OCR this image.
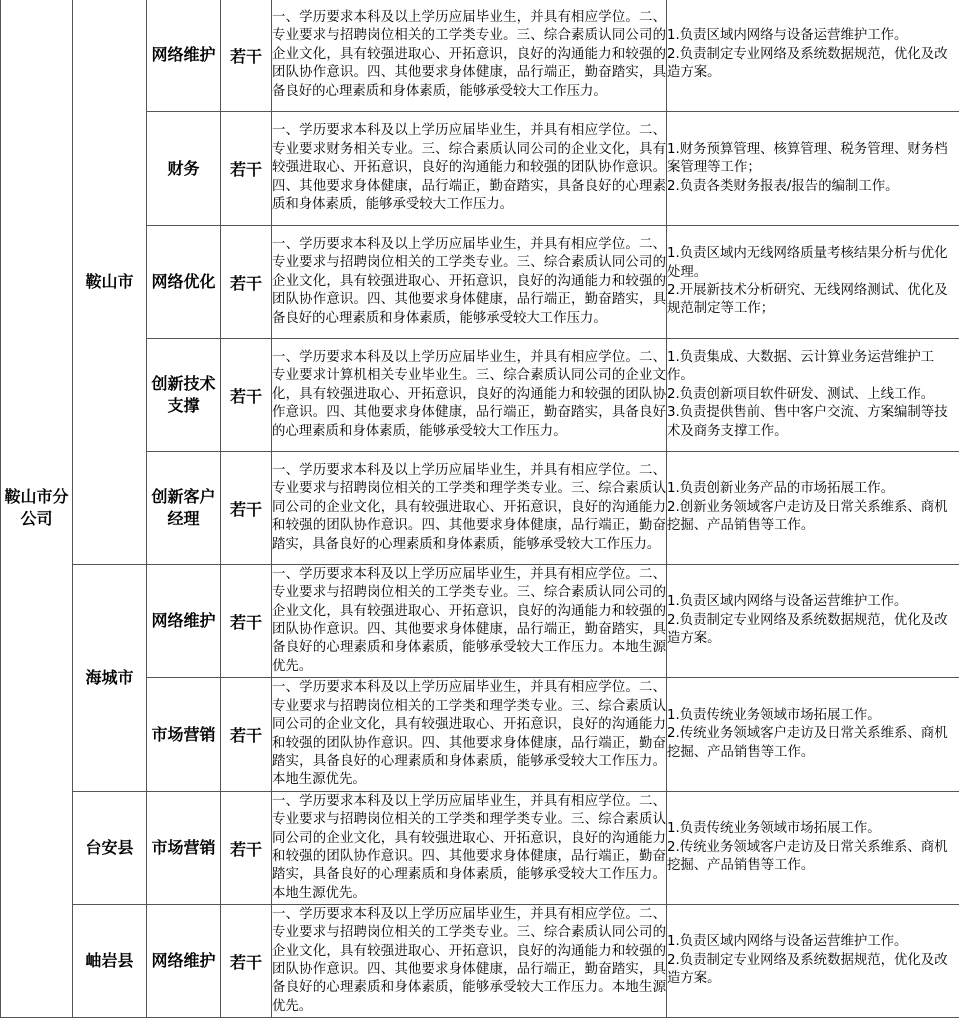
鞍山市分公司	鞍山市	网络维护	若干	一、学历要求本科及以上学历应届毕业生，并具有相应学位。二、专业要求与招聘岗位相关的工学类专业。三、综合素质认同公司的企业文化，具有较强进取心、开拓意识，良好的沟通能力和较强的团队协作意识。四、其他要求身体健康，品行端正，勤奋踏实，具备良好的心理素质和身体素质，能够承受较大工作压力。	1.负责区域内网络与设备运营维护工作。
2.负责制定专业网络及系统数据规范，优化及改造方案。

		财务	若干	一、学历要求本科及以上学历应届毕业生，并具有相应学位。二、专业要求财务相关专业。三、综合素质认同公司的企业文化，具有较强进取心、开拓意识，良好的沟通能力和较强的团队协作意识。四、其他要求身体健康，品行端正，勤奋踏实，具备良好的心理素质和身体素质，能够承受较大工作压力。	1.财务预算管理、核算管理、税务管理、财务档案管理等工作；
2.负责各类财务报表/报告的编制工作。

		网络优化	若干	一、学历要求本科及以上学历应届毕业生，并具有相应学位。二、专业要求与招聘岗位相关的工学类专业。三、综合素质认同公司的企业文化，具有较强进取心、开拓意识，良好的沟通能力和较强的团队协作意识。四、其他要求身体健康，品行端正，勤奋踏实，具备良好的心理素质和身体素质，能够承受较大工作压力。	1.负责区域内无线网络质量考核结果分析与优化处理。
2.开展新技术分析研究、无线网络测试、优化及规范制定等工作；

		创新技术支撑	若干	一、学历要求本科及以上学历应届毕业生，并具有相应学位。二、专业要求计算机相关专业毕业生。三、综合素质认同公司的企业文化，具有较强进取心、开拓意识，良好的沟通能力和较强的团队协作意识。四、其他要求身体健康，品行端正，勤奋踏实，具备良好的心理素质和身体素质，能够承受较大工作压力。	1.负责集成、大数据、云计算业务运营维护工作。
2.负责创新项目软件研发、测试、上线工作。
3.负责提供售前、售中客户交流、方案编制等技术及商务支撑工作。

		创新客户经理	若干	一、学历要求本科及以上学历应届毕业生，并具有相应学位。二、专业要求与招聘岗位相关的工学类和理学类专业。三、综合素质认同公司的企业文化，具有较强进取心、开拓意识，良好的沟通能力和较强的团队协作意识。四、其他要求身体健康，品行端正，勤奋踏实，具备良好的心理素质和身体素质，能够承受较大工作压力。	1.负责创新业务产品的市场拓展工作。
2.创新业务领域客户走访及日常关系维系、商机挖掘、产品销售等工作。

	海城市	网络维护	若干	一、学历要求本科及以上学历应届毕业生，并具有相应学位。二、专业要求与招聘岗位相关的工学类专业。三、综合素质认同公司的企业文化，具有较强进取心、开拓意识，良好的沟通能力和较强的团队协作意识。四、其他要求身体健康，品行端正，勤奋踏实，具备良好的心理素质和身体素质，能够承受较大工作压力。本地生源优先。	1.负责区域内网络与设备运营维护工作。
2.负责制定专业网络及系统数据规范，优化及改造方案。

		市场营销	若干	一、学历要求本科及以上学历应届毕业生，并具有相应学位。二、专业要求与招聘岗位相关的工学类和理学类专业。三、综合素质认同公司的企业文化，具有较强进取心、开拓意识，良好的沟通能力和较强的团队协作意识。四、其他要求身体健康，品行端正，勤奋踏实，具备良好的心理素质和身体素质，能够承受较大工作压力。本地生源优先。	1.负责传统业务领域市场拓展工作。
2.传统业务领域客户走访及日常关系维系、商机挖掘、产品销售等工作。

	台安县	市场营销	若干	一、学历要求本科及以上学历应届毕业生，并具有相应学位。二、专业要求与招聘岗位相关的工学类和理学类专业。三、综合素质认同公司的企业文化，具有较强进取心、开拓意识，良好的沟通能力和较强的团队协作意识。四、其他要求身体健康，品行端正，勤奋踏实，具备良好的心理素质和身体素质，能够承受较大工作压力。本地生源优先。	1.负责传统业务领域市场拓展工作。
2.传统业务领域客户走访及日常关系维系、商机挖掘、产品销售等工作。

	岫岩县	网络维护	若干	一、学历要求本科及以上学历应届毕业生，并具有相应学位。二、专业要求与招聘岗位相关的工学类专业。三、综合素质认同公司的企业文化，具有较强进取心、开拓意识，良好的沟通能力和较强的团队协作意识。四、其他要求身体健康，品行端正，勤奋踏实，具备良好的心理素质和身体素质，能够承受较大工作压力。本地生源优先。	1.负责区域内网络与设备运营维护工作。
2.负责制定专业网络及系统数据规范，优化及改造方案。
